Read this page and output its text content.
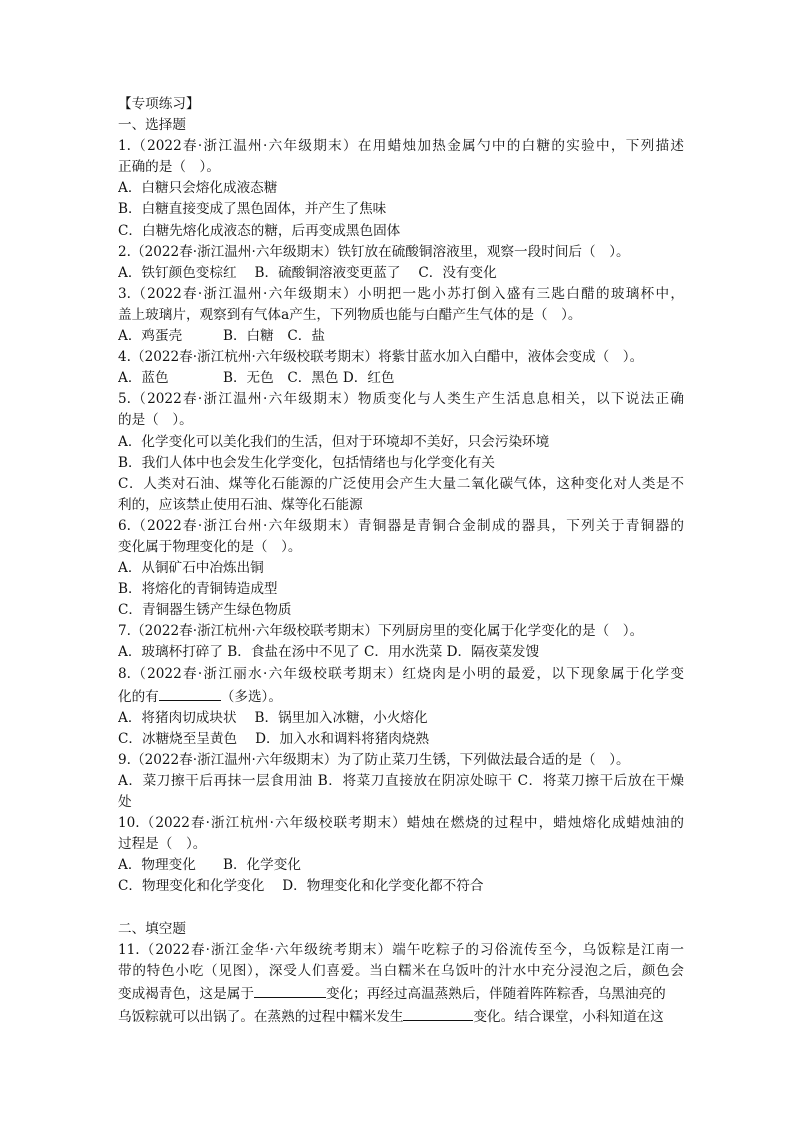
【专项练习】
一、选择题
1.（2022春·浙江温州·六年级期末）在用蜡烛加热金属勺中的白糖的实验中，下列描述
正确的是（　）。
A．白糖只会熔化成液态糖
B．白糖直接变成了黑色固体，并产生了焦味
C．白糖先熔化成液态的糖，后再变成黑色固体
2.（2022春·浙江温州·六年级期末）铁钉放在硫酸铜溶液里，观察一段时间后（　）。
A．铁钉颜色变棕红　 B．硫酸铜溶液变更蓝了　 C．没有变化
3.（2022春·浙江温州·六年级期末）小明把一匙小苏打倒入盛有三匙白醋的玻璃杯中，
盖上玻璃片，观察到有气体a产生，下列物质也能与白醋产生气体的是（　）。
A．鸡蛋壳　　　B．白糖　C．盐
4.（2022春·浙江杭州·六年级校联考期末）将紫甘蓝水加入白醋中，液体会变成（　）。
A．蓝色　　　　B．无色　C．黑色 D．红色
5.（2022春·浙江温州·六年级期末）物质变化与人类生产生活息息相关，以下说法正确
的是（　）。
A．化学变化可以美化我们的生活，但对于环境却不美好，只会污染环境
B．我们人体中也会发生化学变化，包括情绪也与化学变化有关
C．人类对石油、煤等化石能源的广泛使用会产生大量二氧化碳气体，这种变化对人类是不
利的，应该禁止使用石油、煤等化石能源
6.（2022春·浙江台州·六年级期末）青铜器是青铜合金制成的器具，下列关于青铜器的
变化属于物理变化的是（　）。
A．从铜矿石中冶炼出铜
B．将熔化的青铜铸造成型
C．青铜器生锈产生绿色物质
7.（2022春·浙江杭州·六年级校联考期末）下列厨房里的变化属于化学变化的是（　）。
A．玻璃杯打碎了 B．食盐在汤中不见了 C．用水洗菜 D．隔夜菜发馊
8.（2022春·浙江丽水·六年级校联考期末）红烧肉是小明的最爱，以下现象属于化学变
化的有	（多选）。
A．将猪肉切成块状　 B．锅里加入冰糖，小火熔化
C．冰糖烧至呈黄色　 D．加入水和调料将猪肉烧熟
9.（2022春·浙江温州·六年级期末）为了防止菜刀生锈，下列做法最合适的是（　）。
A．菜刀擦干后再抹一层食用油 B．将菜刀直接放在阴凉处晾干 C．将菜刀擦干后放在干燥
处
10.（2022春·浙江杭州·六年级校联考期末）蜡烛在燃烧的过程中，蜡烛熔化成蜡烛油的
过程是（　）。
A．物理变化　　B．化学变化
C．物理变化和化学变化　 D．物理变化和化学变化都不符合
二、填空题
11.（2022春·浙江金华·六年级统考期末）端午吃粽子的习俗流传至今，乌饭粽是江南一
带的特色小吃（见图），深受人们喜爱。当白糯米在乌饭叶的汁水中充分浸泡之后，颜色会
变成褐青色，这是属于	变化；再经过高温蒸熟后，伴随着阵阵粽香，乌黑油亮的
乌饭粽就可以出锅了。在蒸熟的过程中糯米发生	变化。结合课堂，小科知道在这
